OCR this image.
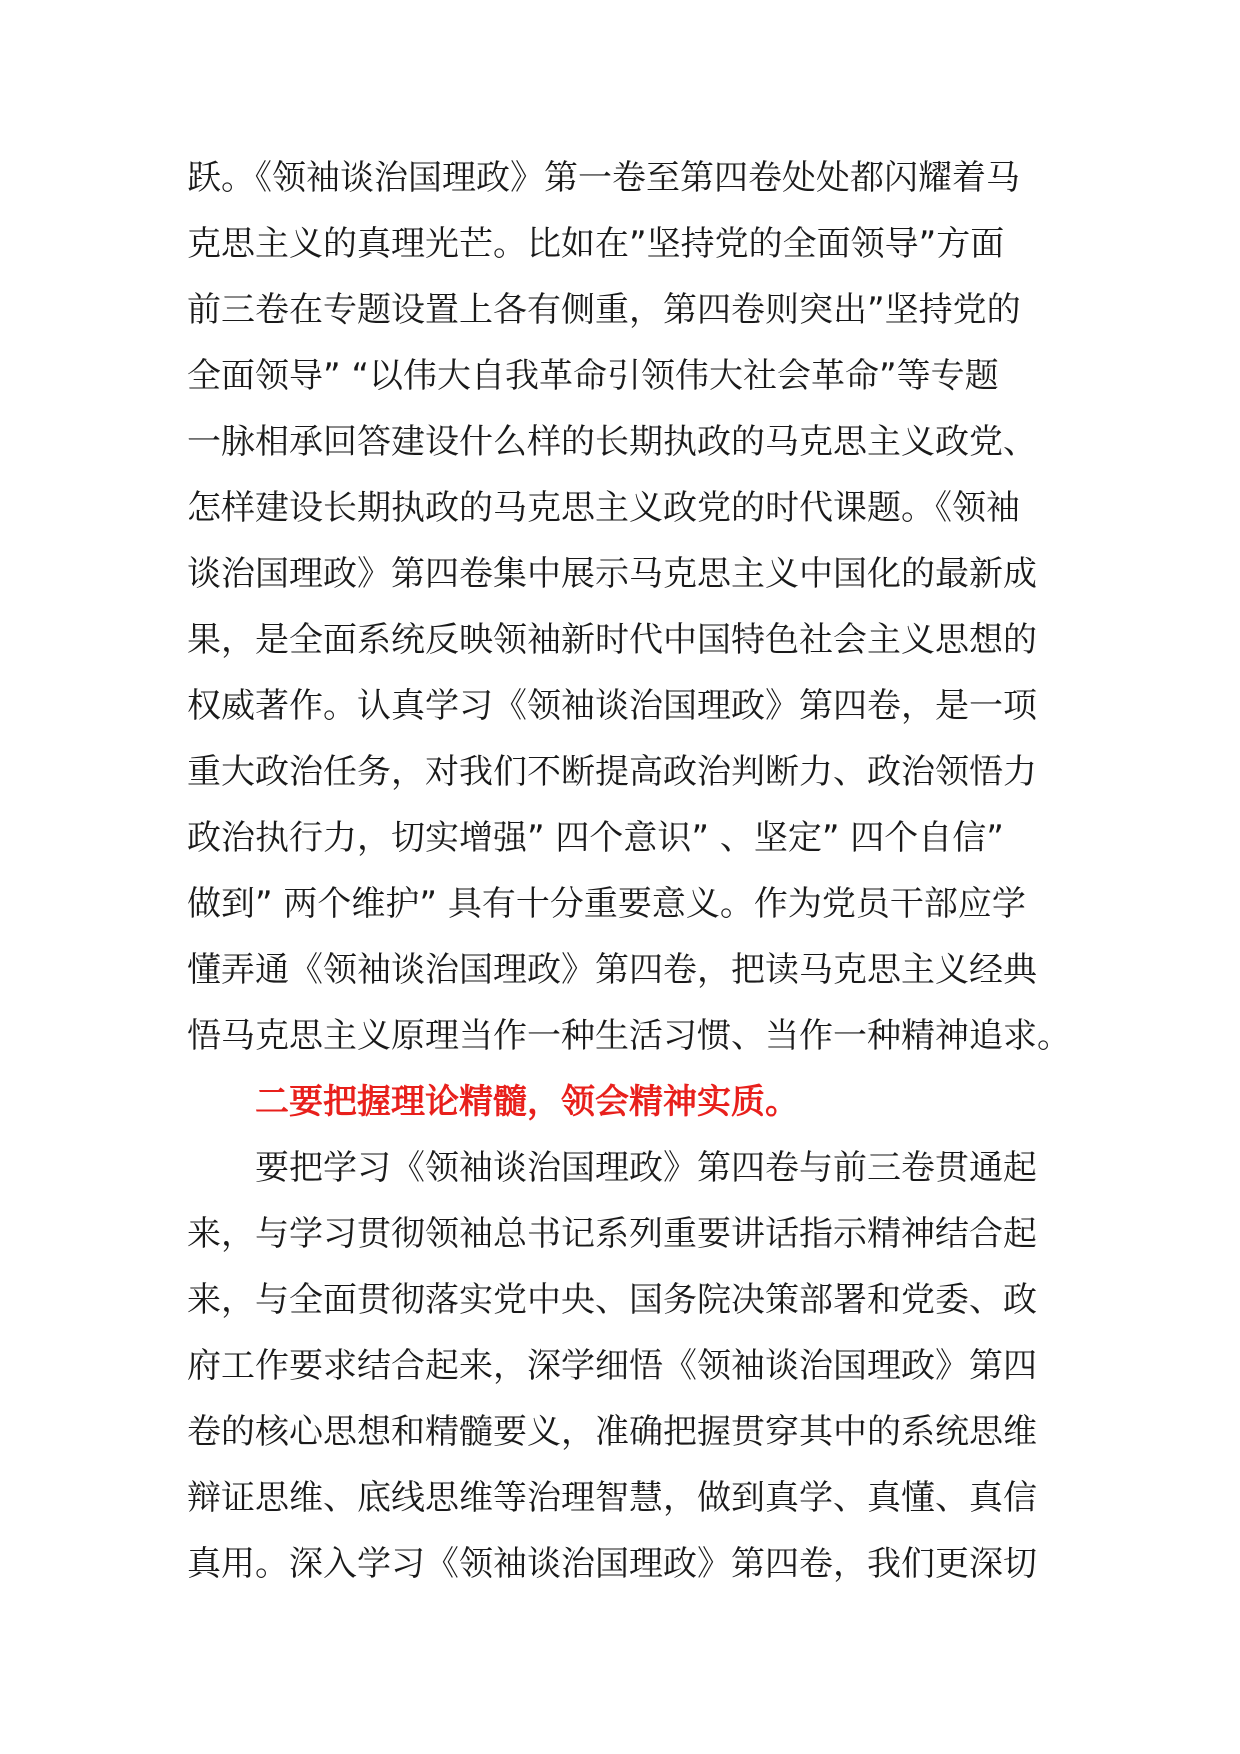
跃。《领袖谈治国理政》第一卷至第四卷处处都闪耀着马
克思主义的真理光芒。比如在”坚持党的全面领导”方面
前三卷在专题设置上各有侧重，第四卷则突出”坚持党的
全面领导” “以伟大自我革命引领伟大社会革命”等专题
一脉相承回答建设什么样的长期执政的马克思主义政党、
怎样建设长期执政的马克思主义政党的时代课题。《领袖
谈治国理政》第四卷集中展示马克思主义中国化的最新成
果，是全面系统反映领袖新时代中国特色社会主义思想的
权威著作。认真学习《领袖谈治国理政》第四卷，是一项
重大政治任务，对我们不断提高政治判断力、政治领悟力
政治执行力，切实增强” 四个意识” 、坚定” 四个自信”
做到” 两个维护” 具有十分重要意义。作为党员干部应学
懂弄通《领袖谈治国理政》第四卷，把读马克思主义经典
悟马克思主义原理当作一种生活习惯、当作一种精神追求。
二要把握理论精髓，领会精神实质。
要把学习《领袖谈治国理政》第四卷与前三卷贯通起
来，与学习贯彻领袖总书记系列重要讲话指示精神结合起
来，与全面贯彻落实党中央、国务院决策部署和党委、政
府工作要求结合起来，深学细悟《领袖谈治国理政》第四
卷的核心思想和精髓要义，准确把握贯穿其中的系统思维
辩证思维、底线思维等治理智慧，做到真学、真懂、真信
真用。深入学习《领袖谈治国理政》第四卷，我们更深切
